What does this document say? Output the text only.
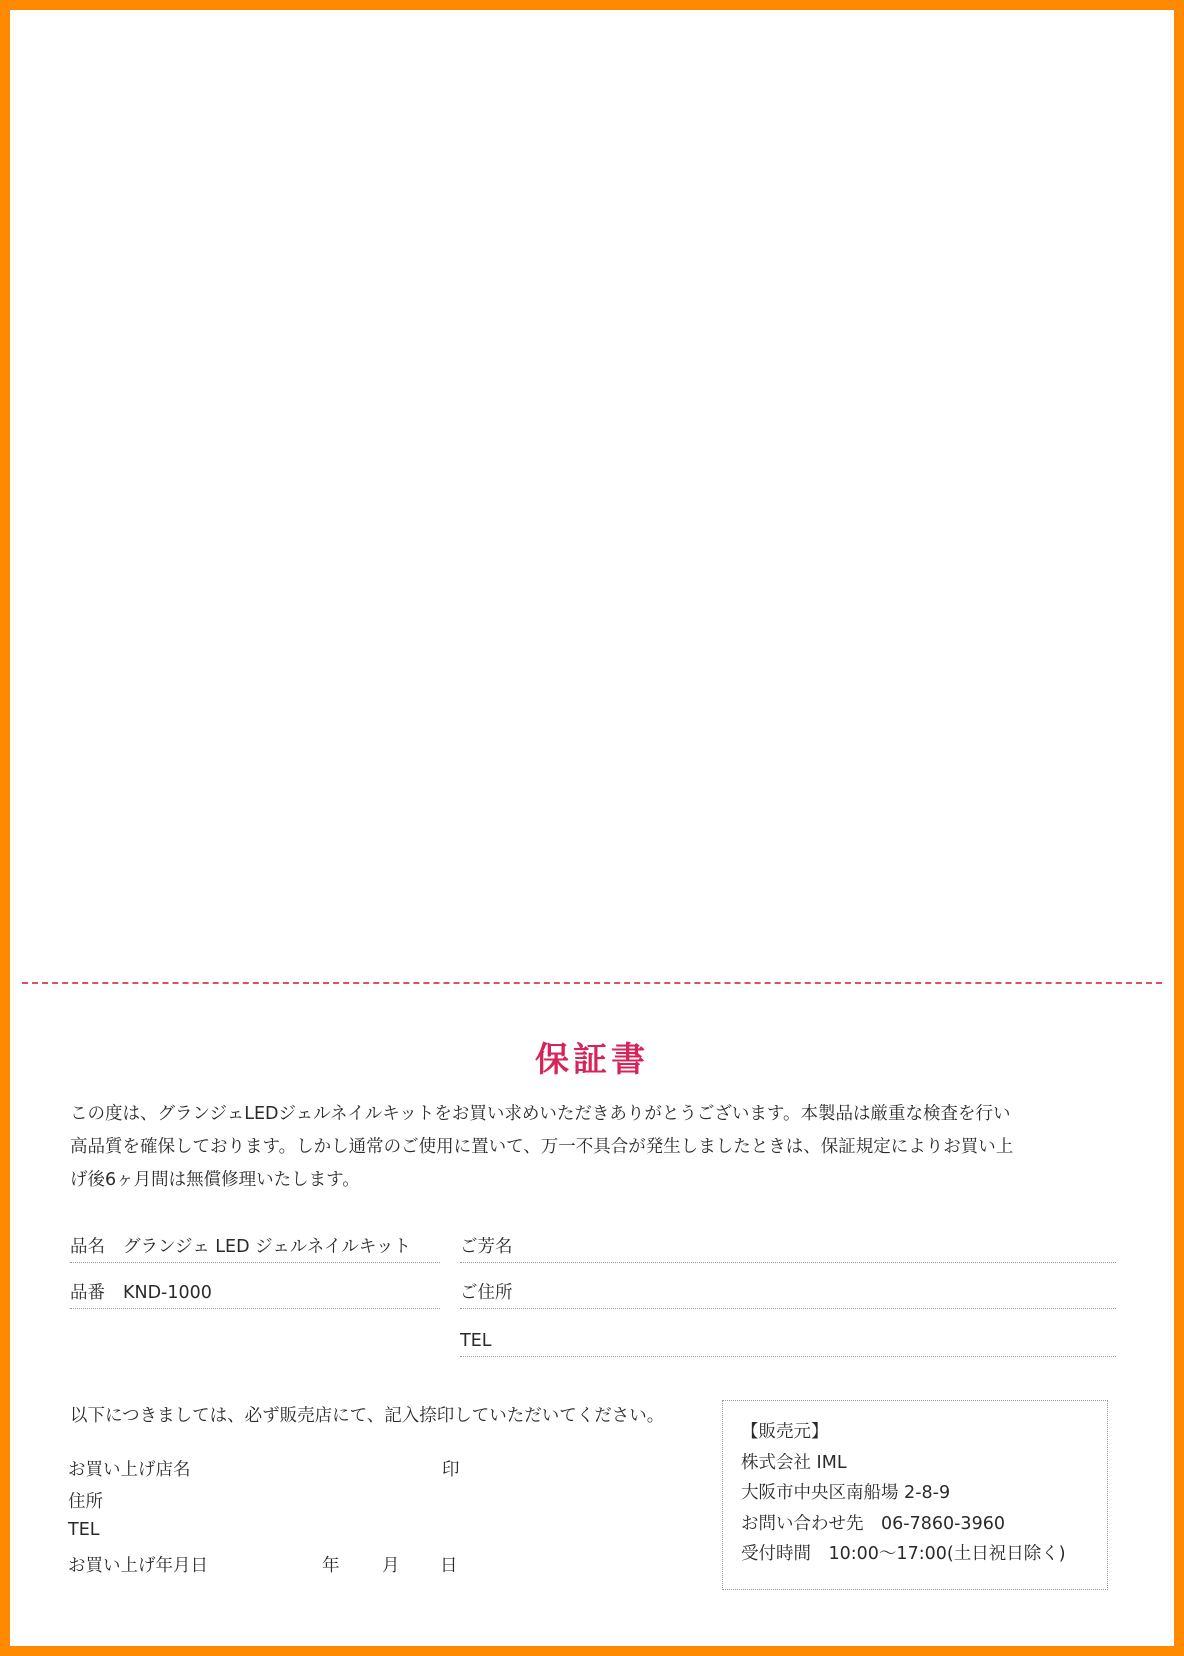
保証書

この度は、グランジェLEDジェルネイルキットをお買い求めいただきありがとうございます。本製品は厳重な検査を行い

高品質を確保しております。しかし通常のご使用に置いて、万一不具合が発生しましたときは、保証規定によりお買い上

げ後6ヶ月間は無償修理いたします。

品名 グランジェ LED ジェルネイルキット
品番 KND-1000
ご芳名
ご住所
TEL
以下につきましては、必ず販売店にて、記入捺印していただいてください。
お買い上げ店名	印
住所
TEL
お買い上げ年月日	年 月 日
【販売元】
株式会社 IML
大阪市中央区南船場 2-8-9
お問い合わせ先　06-7860-3960
受付時間　10:00～17:00(土日祝日除く)
